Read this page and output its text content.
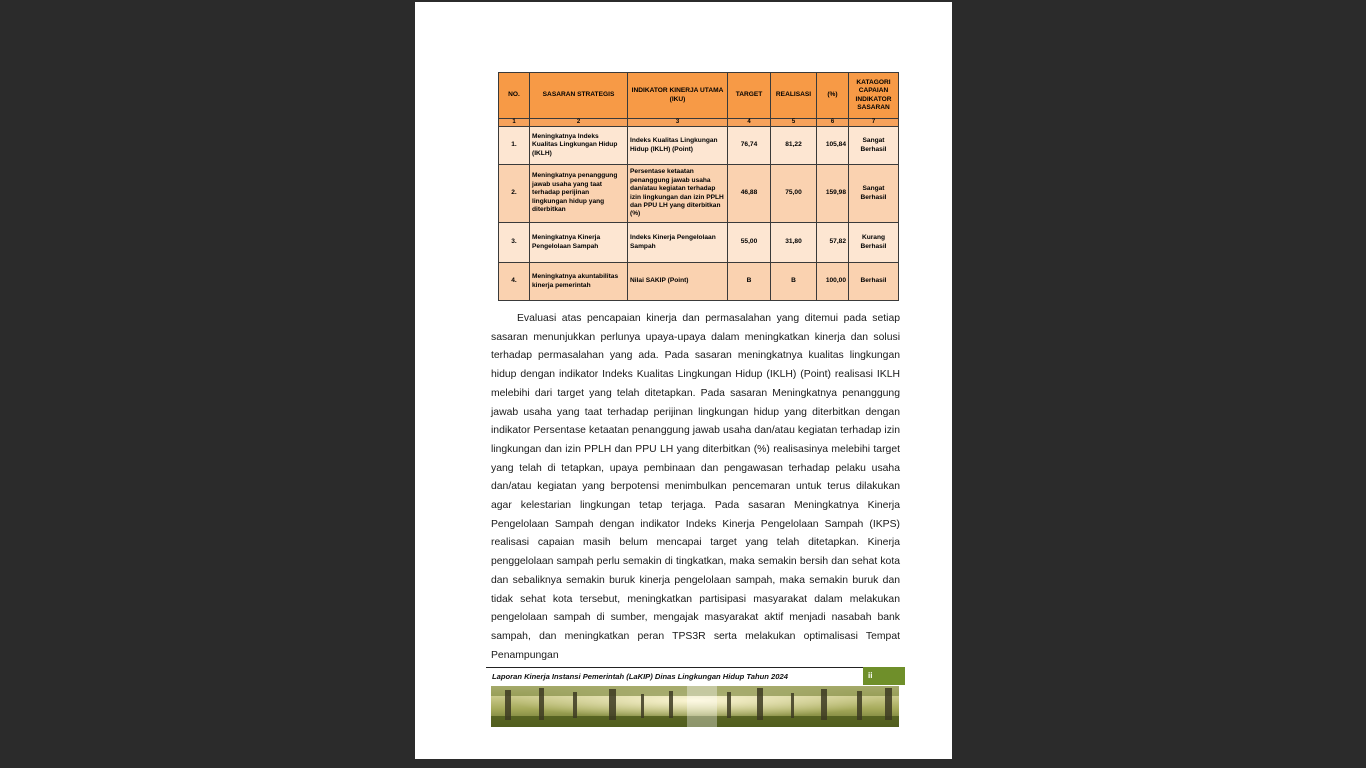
NO.	SASARAN STRATEGIS	INDIKATOR KINERJA UTAMA (IKU)	TARGET	REALISASI	(%)	KATAGORI CAPAIAN INDIKATOR SASARAN
1	2	3	4	5	6	7
1.	Meningkatnya Indeks Kualitas Lingkungan Hidup (IKLH)	Indeks Kualitas Lingkungan Hidup (IKLH) (Point)	76,74	81,22	105,84	Sangat Berhasil
2.	Meningkatnya penanggung jawab usaha yang taat terhadap perijinan lingkungan hidup yang diterbitkan	Persentase ketaatan penanggung jawab usaha dan/atau kegiatan terhadap izin lingkungan dan izin PPLH dan PPU LH yang diterbitkan (%)	46,88	75,00	159,98	Sangat Berhasil
3.	Meningkatnya Kinerja Pengelolaan Sampah	Indeks Kinerja Pengelolaan Sampah	55,00	31,80	57,82	Kurang Berhasil
4.	Meningkatnya akuntabilitas kinerja pemerintah	Nilai SAKIP (Point)	B	B	100,00	Berhasil

Evaluasi atas pencapaian kinerja dan permasalahan yang ditemui pada setiap sasaran menunjukkan perlunya upaya-upaya dalam meningkatkan kinerja dan solusi terhadap permasalahan yang ada. Pada sasaran meningkatnya kualitas lingkungan hidup dengan indikator Indeks Kualitas Lingkungan Hidup (IKLH) (Point) realisasi IKLH melebihi dari target yang telah ditetapkan. Pada sasaran Meningkatnya penanggung jawab usaha yang taat terhadap perijinan lingkungan hidup yang diterbitkan dengan indikator Persentase ketaatan penanggung jawab usaha dan/atau kegiatan terhadap izin lingkungan dan izin PPLH dan PPU LH yang diterbitkan (%) realisasinya melebihi target yang telah di tetapkan, upaya pembinaan dan pengawasan terhadap pelaku usaha dan/atau kegiatan yang berpotensi menimbulkan pencemaran untuk terus dilakukan agar kelestarian lingkungan tetap terjaga. Pada sasaran Meningkatnya Kinerja Pengelolaan Sampah dengan indikator Indeks Kinerja Pengelolaan Sampah (IKPS) realisasi capaian masih belum mencapai target yang telah ditetapkan. Kinerja penggelolaan sampah perlu semakin di tingkatkan, maka semakin bersih dan sehat kota dan sebaliknya semakin buruk kinerja pengelolaan sampah, maka semakin buruk dan tidak sehat kota tersebut, meningkatkan partisipasi masyarakat dalam melakukan pengelolaan sampah di sumber, mengajak masyarakat aktif menjadi nasabah bank sampah, dan meningkatkan peran TPS3R serta melakukan optimalisasi Tempat Penampungan

Laporan Kinerja Instansi Pemerintah (LaKIP) Dinas Lingkungan Hidup Tahun 2024	ii
